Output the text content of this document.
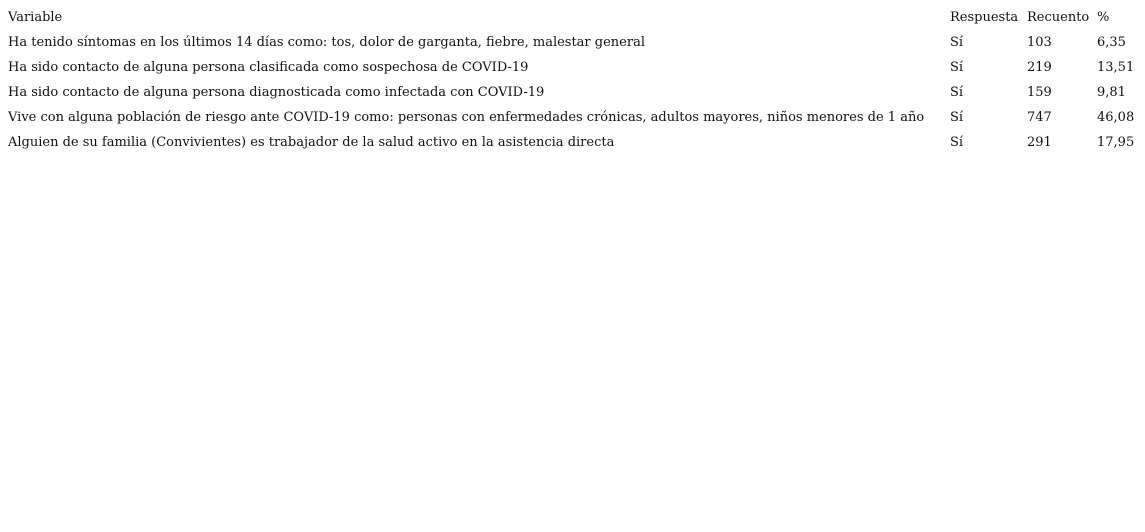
Variable	Respuesta	Recuento	%
Ha tenido síntomas en los últimos 14 días como: tos, dolor de garganta, fiebre, malestar general	Sí	103	6,35
Ha sido contacto de alguna persona clasificada como sospechosa de COVID-19	Sí	219	13,51
Ha sido contacto de alguna persona diagnosticada como infectada con COVID-19	Sí	159	9,81
Vive con alguna población de riesgo ante COVID-19 como: personas con enfermedades crónicas, adultos mayores, niños menores de 1 año	Sí	747	46,08
Alguien de su familia (Convivientes) es trabajador de la salud activo en la asistencia directa	Sí	291	17,95
